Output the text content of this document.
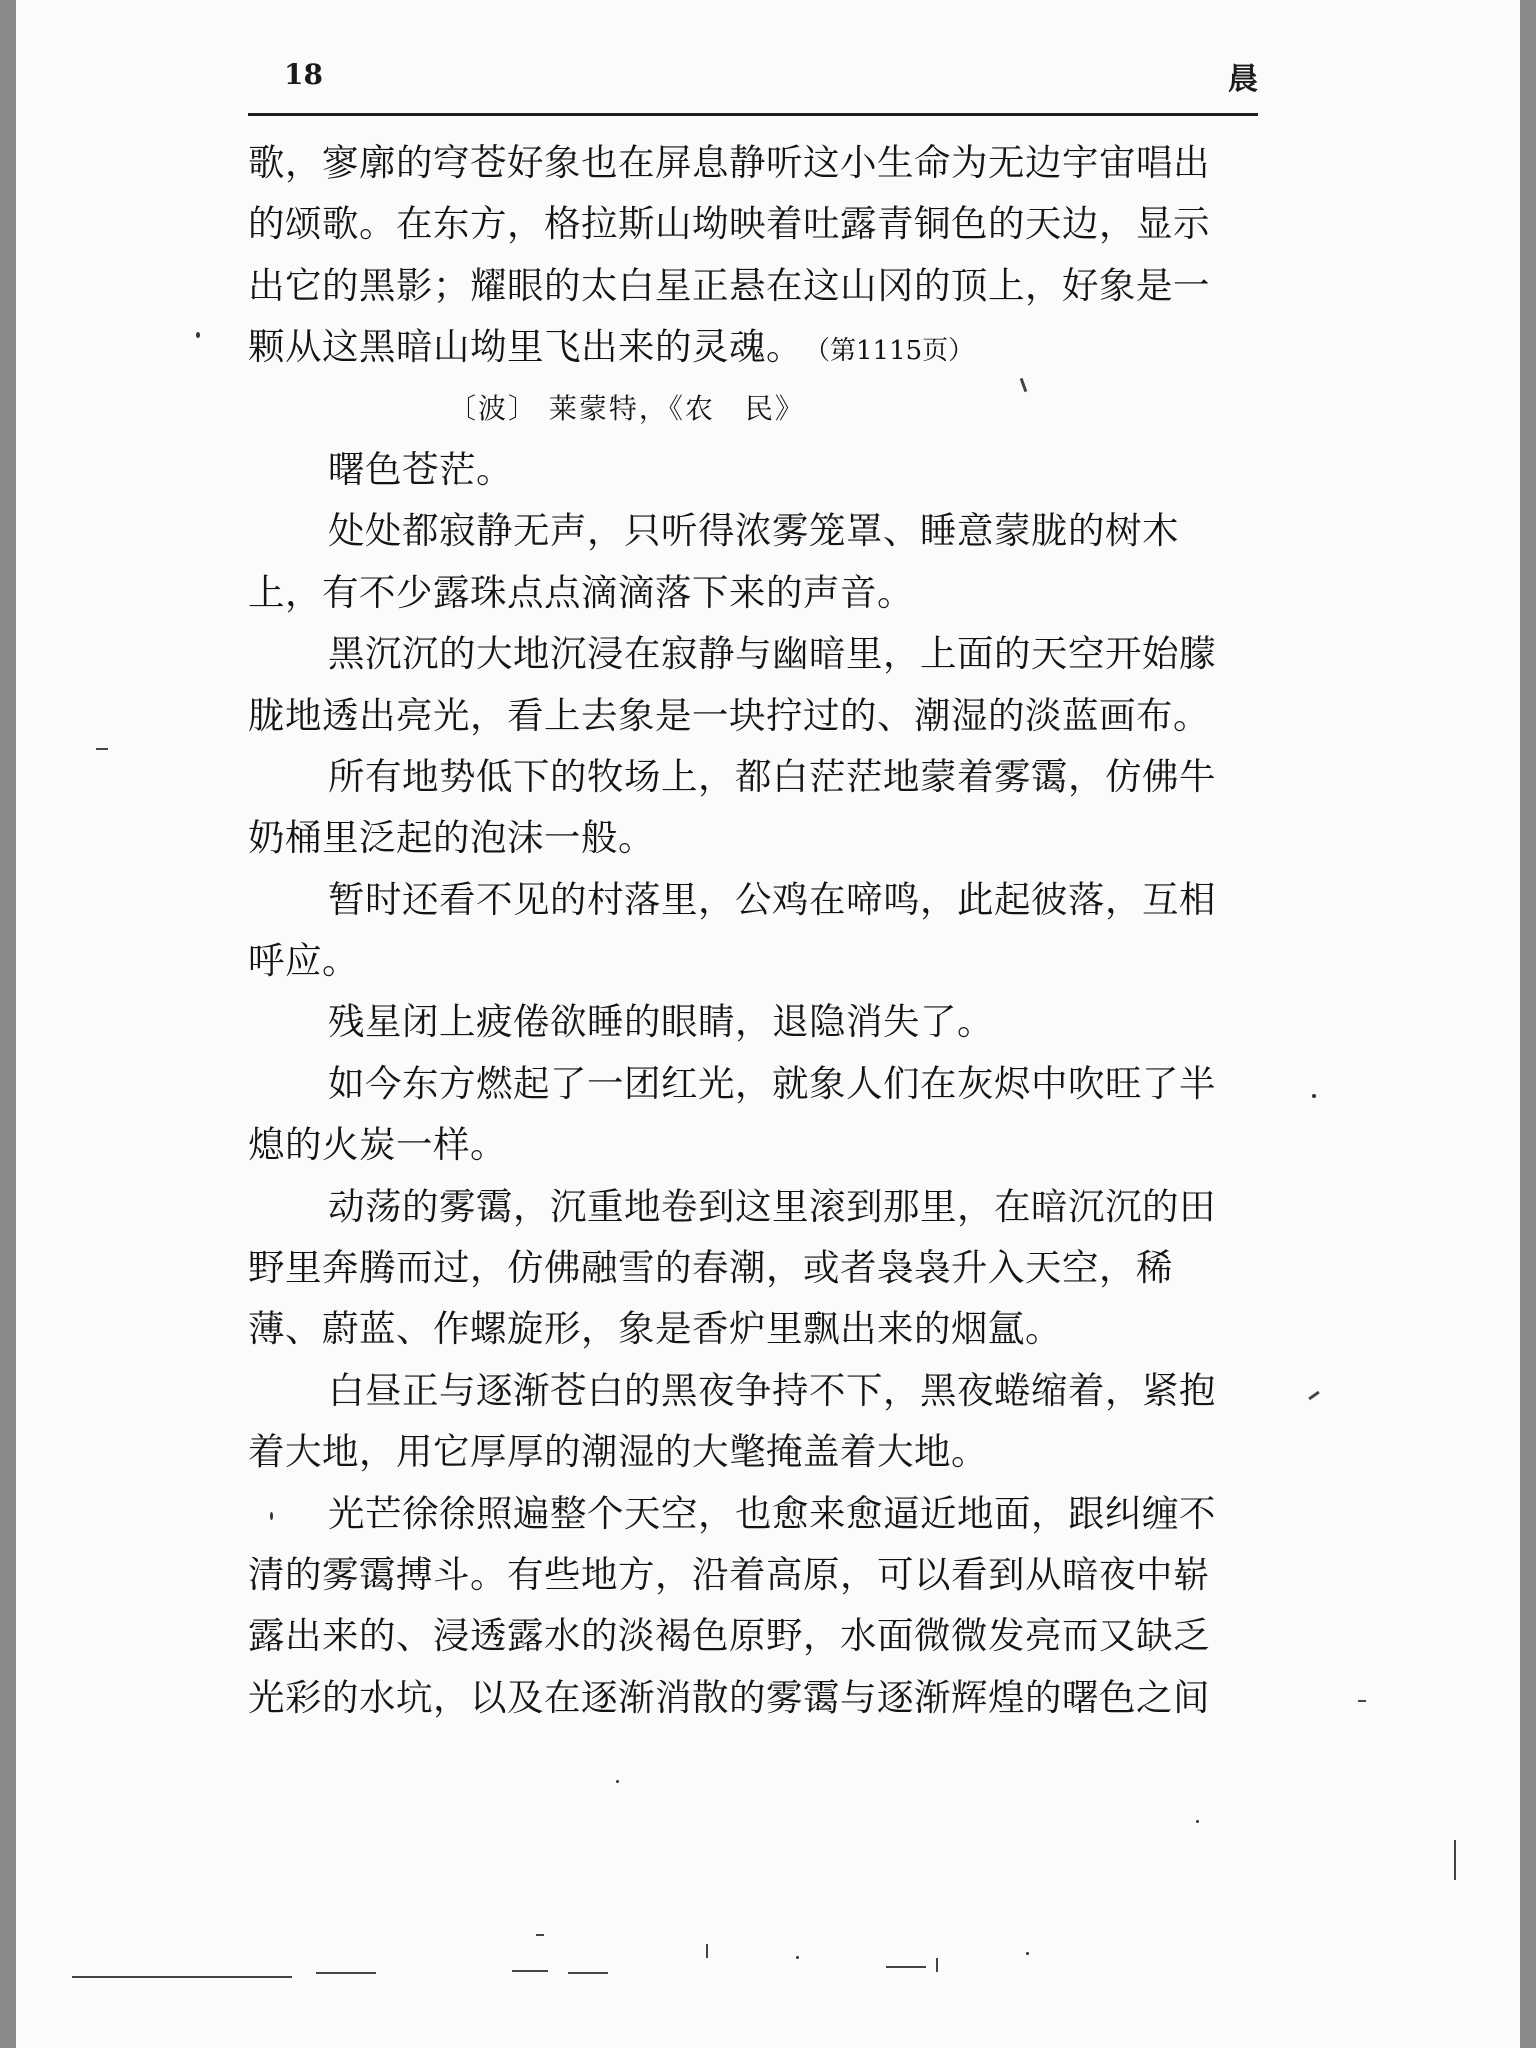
18	晨
歌，寥廓的穹苍好象也在屏息静听这小生命为无边宇宙唱出
的颂歌。在东方，格拉斯山坳映着吐露青铜色的天边，显示
出它的黑影；耀眼的太白星正悬在这山冈的顶上，好象是一
颗从这黑暗山坳里飞出来的灵魂。 （第1115页）
〔波〕 莱蒙特，《农　民》
曙色苍茫。
处处都寂静无声，只听得浓雾笼罩、睡意蒙胧的树木
上，有不少露珠点点滴滴落下来的声音。
黑沉沉的大地沉浸在寂静与幽暗里，上面的天空开始朦
胧地透出亮光，看上去象是一块拧过的、潮湿的淡蓝画布。
所有地势低下的牧场上，都白茫茫地蒙着雾霭，仿佛牛
奶桶里泛起的泡沫一般。
暂时还看不见的村落里，公鸡在啼鸣，此起彼落，互相
呼应。
残星闭上疲倦欲睡的眼睛，退隐消失了。
如今东方燃起了一团红光，就象人们在灰烬中吹旺了半
熄的火炭一样。
动荡的雾霭，沉重地卷到这里滚到那里，在暗沉沉的田
野里奔腾而过，仿佛融雪的春潮，或者袅袅升入天空，稀
薄、蔚蓝、作螺旋形，象是香炉里飘出来的烟氲。
白昼正与逐渐苍白的黑夜争持不下，黑夜蜷缩着，紧抱
着大地，用它厚厚的潮湿的大氅掩盖着大地。
光芒徐徐照遍整个天空，也愈来愈逼近地面，跟纠缠不
清的雾霭搏斗。有些地方，沿着高原，可以看到从暗夜中崭
露出来的、浸透露水的淡褐色原野，水面微微发亮而又缺乏
光彩的水坑，以及在逐渐消散的雾霭与逐渐辉煌的曙色之间
